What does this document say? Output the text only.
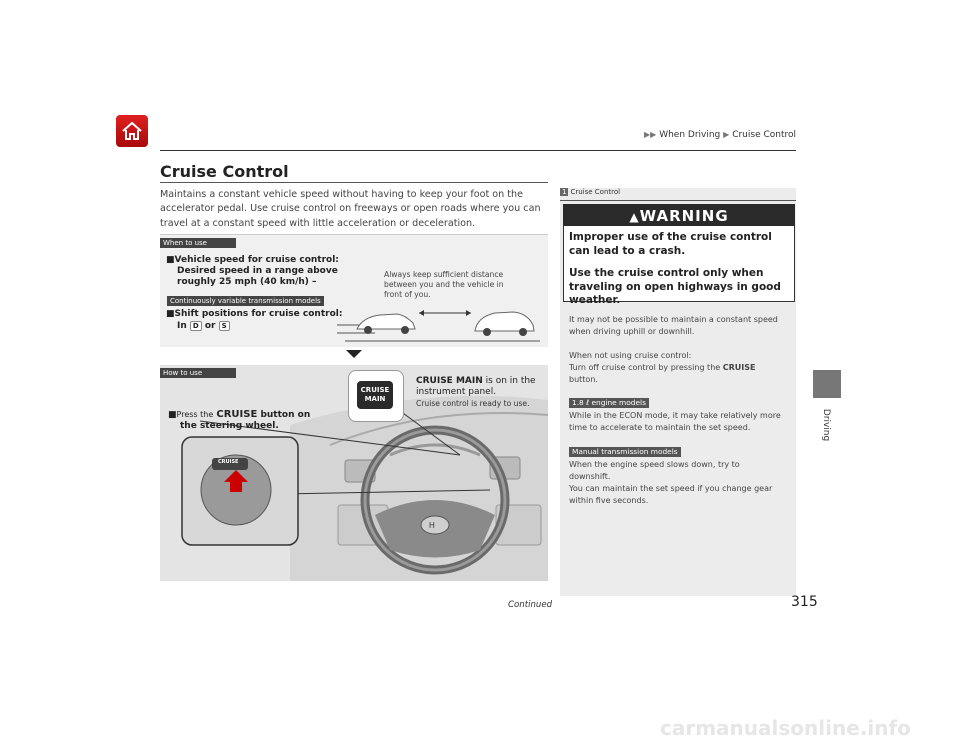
▶▶ When Driving ▶ Cruise Control
Driving
Cruise Control
Maintains a constant vehicle speed without having to keep your foot on the accelerator pedal. Use cruise control on freeways or open roads where you can travel at a constant speed with little acceleration or deceleration.
When to use
■Vehicle speed for cruise control:
Desired speed in a range above
roughly 25 mph (40 km/h) –
Continuously variable transmission models
■Shift positions for cruise control:
In D or S
Always keep sufficient distance between you and the vehicle in front of you.
H
How to use
■Press the CRUISE button on
the steering wheel.
CRUISE
CRUISE
MAIN
CRUISE MAIN is on in the
instrument panel.
Cruise control is ready to use.
1 Cruise Control
▲WARNING
Improper use of the cruise control can lead to a crash.
Use the cruise control only when traveling on open highways in good weather.
It may not be possible to maintain a constant speed when driving uphill or downhill.
When not using cruise control:
Turn off cruise control by pressing the CRUISE
button.
1.8 ℓ engine models
While in the ECON mode, it may take relatively more time to accelerate to maintain the set speed.
Manual transmission models
When the engine speed slows down, try to downshift.
You can maintain the set speed if you change gear within five seconds.
Continued	315
carmanualsonline.info
